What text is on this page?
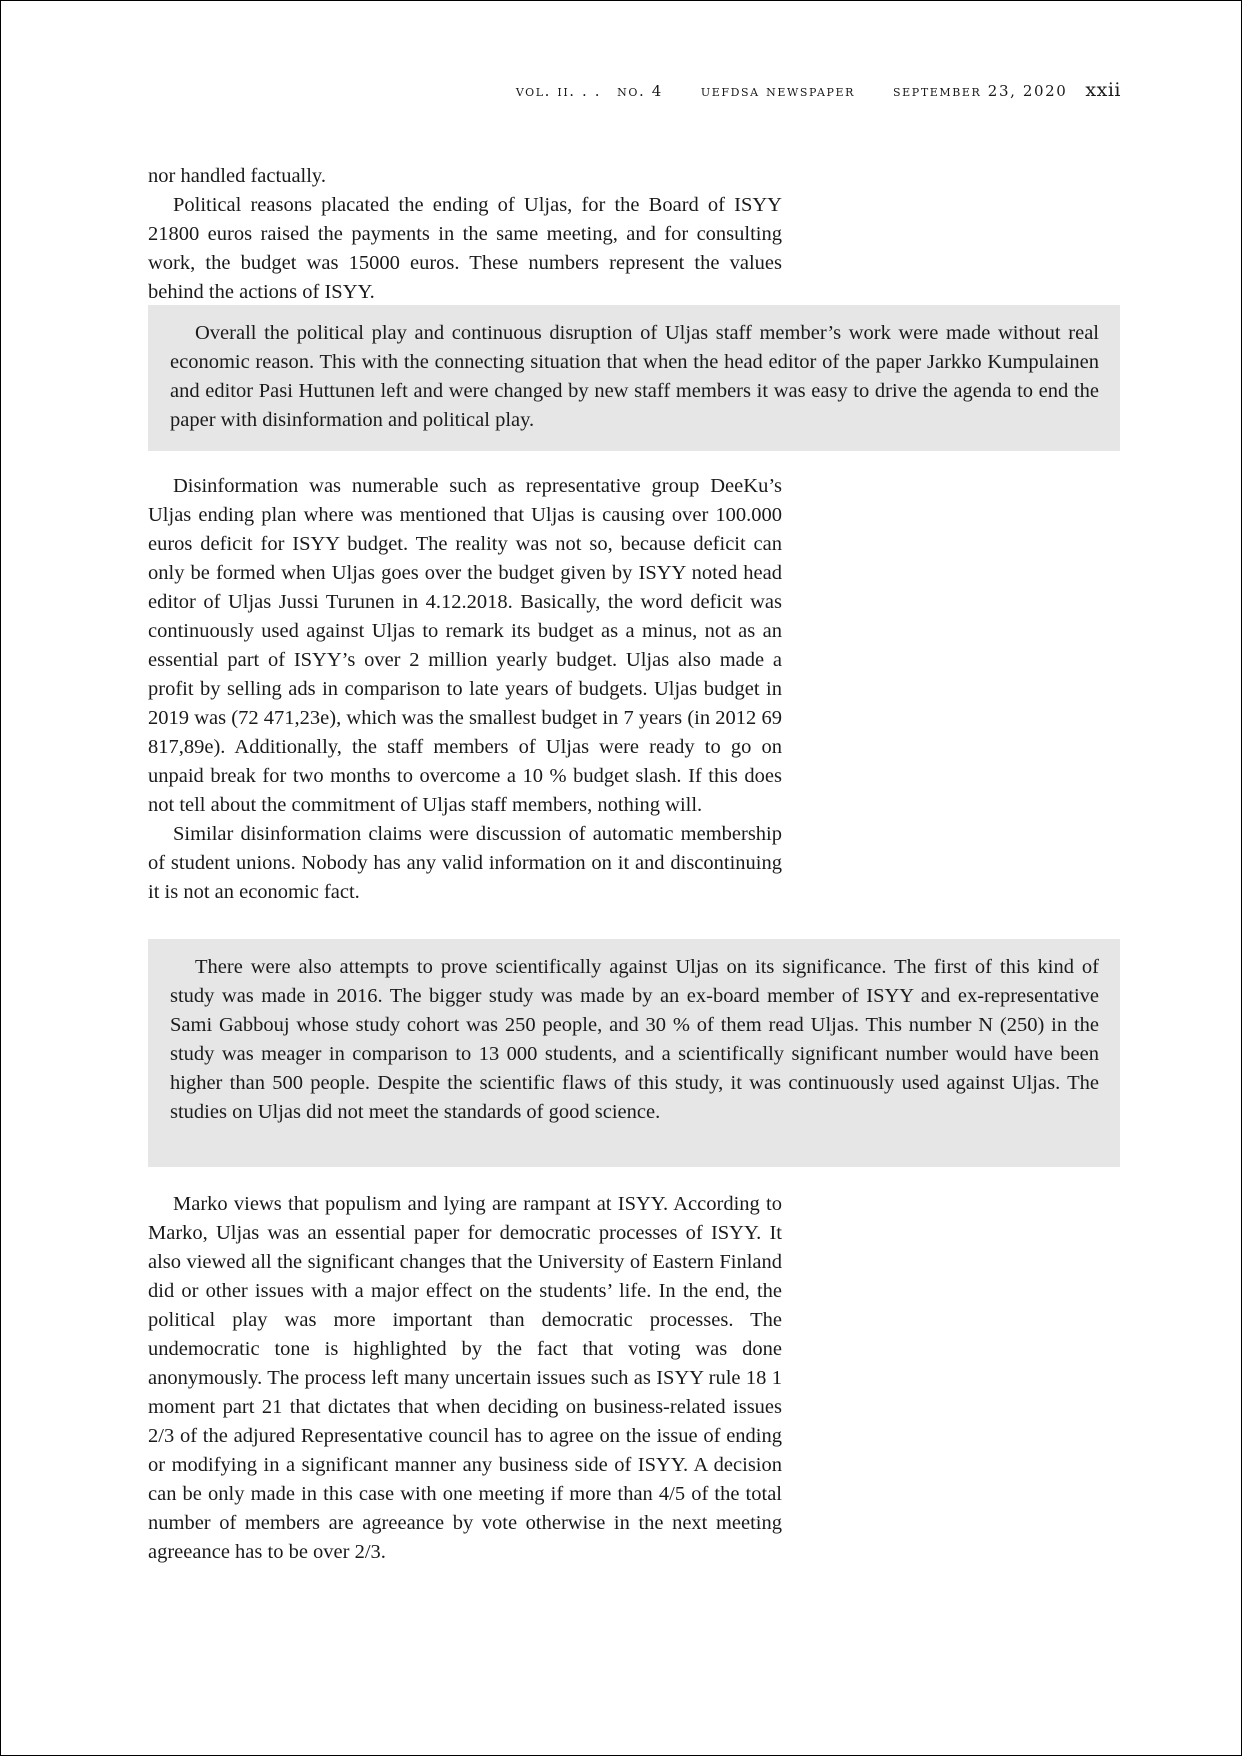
vol. ii. . . no. 4	uefdsa newspaper	september 23, 2020 xxii

nor handled factually.

Political reasons placated the ending of Uljas, for the Board of ISYY 21800 euros raised the payments in the same meeting, and for consulting work, the budget was 15000 euros. These numbers represent the values behind the actions of ISYY.

Overall the political play and continuous disruption of Uljas staff member’s work were made without real economic reason. This with the connecting situation that when the head editor of the paper Jarkko Kumpulainen and editor Pasi Huttunen left and were changed by new staff members it was easy to drive the agenda to end the paper with disinformation and political play.

Disinformation was numerable such as representative group DeeKu’s Uljas ending plan where was mentioned that Uljas is causing over 100.000 euros deficit for ISYY budget. The reality was not so, because deficit can only be formed when Uljas goes over the budget given by ISYY noted head editor of Uljas Jussi Turunen in 4.12.2018. Basically, the word deficit was continuously used against Uljas to remark its budget as a minus, not as an essential part of ISYY’s over 2 million yearly budget. Uljas also made a profit by selling ads in comparison to late years of budgets. Uljas budget in 2019 was (72 471,23e), which was the smallest budget in 7 years (in 2012 69 817,89e). Additionally, the staff members of Uljas were ready to go on unpaid break for two months to overcome a 10 % budget slash. If this does not tell about the commitment of Uljas staff members, nothing will.

Similar disinformation claims were discussion of automatic membership of student unions. Nobody has any valid information on it and discontinuing it is not an economic fact.

There were also attempts to prove scientifically against Uljas on its significance. The first of this kind of study was made in 2016. The bigger study was made by an ex-board member of ISYY and ex-representative Sami Gabbouj whose study cohort was 250 people, and 30 % of them read Uljas. This number N (250) in the study was meager in comparison to 13 000 students, and a scientifically significant number would have been higher than 500 people. Despite the scientific flaws of this study, it was continuously used against Uljas. The studies on Uljas did not meet the standards of good science.

Marko views that populism and lying are rampant at ISYY. According to Marko, Uljas was an essential paper for democratic processes of ISYY. It also viewed all the significant changes that the University of Eastern Finland did or other issues with a major effect on the students’ life. In the end, the political play was more important than democratic processes. The undemocratic tone is highlighted by the fact that voting was done anonymously. The process left many uncertain issues such as ISYY rule 18 1 moment part 21 that dictates that when deciding on business-related issues 2/3 of the adjured Representative council has to agree on the issue of ending or modifying in a significant manner any business side of ISYY. A decision can be only made in this case with one meeting if more than 4/5 of the total number of members are agreeance by vote otherwise in the next meeting agreeance has to be over 2/3.
